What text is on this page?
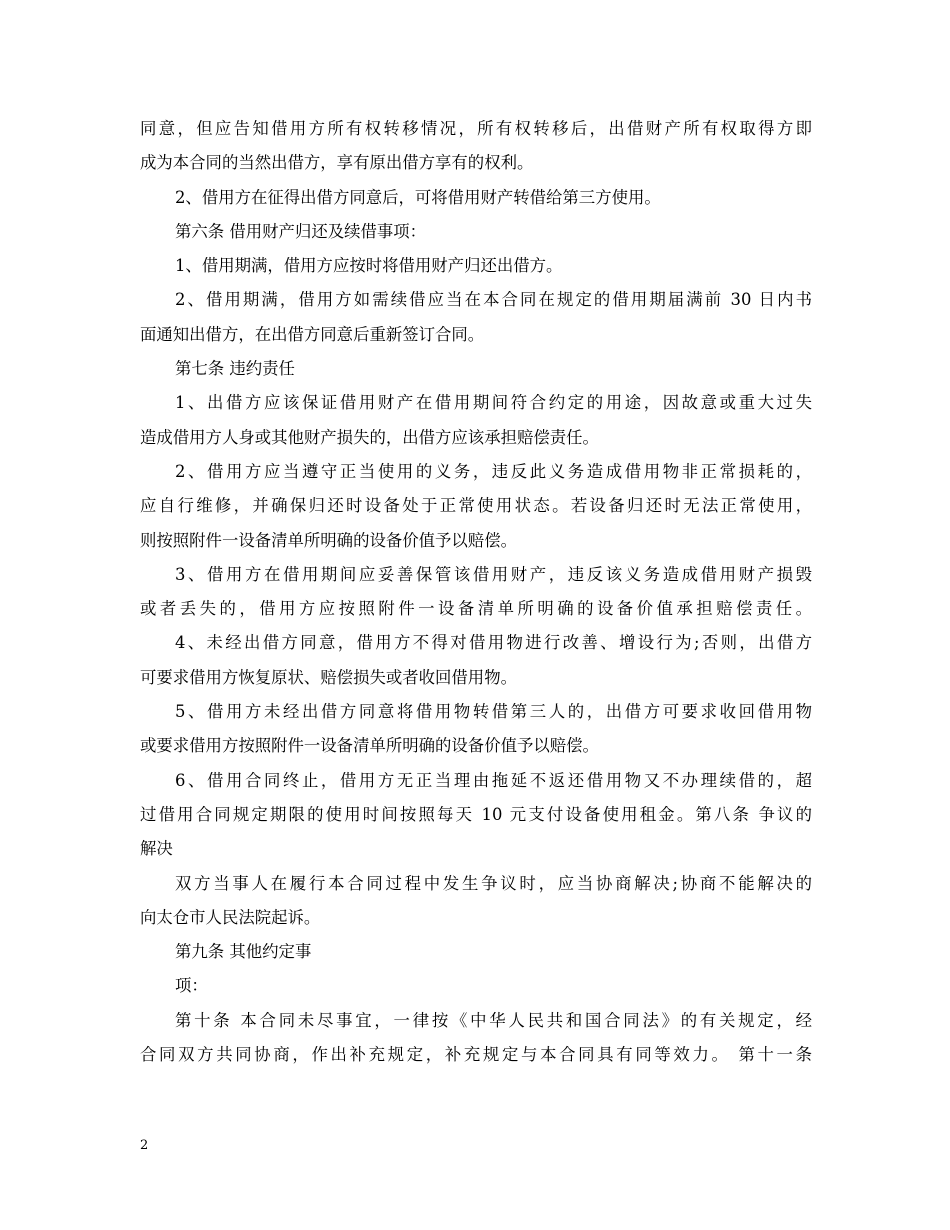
同意，但应告知借用方所有权转移情况，所有权转移后，出借财产所有权取得方即
成为本合同的当然出借方，享有原出借方享有的权利。
2、借用方在征得出借方同意后，可将借用财产转借给第三方使用。
第六条 借用财产归还及续借事项：
1、借用期满，借用方应按时将借用财产归还出借方。
2、借用期满，借用方如需续借应当在本合同在规定的借用期届满前 30 日内书
面通知出借方，在出借方同意后重新签订合同。
第七条 违约责任
1、出借方应该保证借用财产在借用期间符合约定的用途，因故意或重大过失
造成借用方人身或其他财产损失的，出借方应该承担赔偿责任。
2、借用方应当遵守正当使用的义务，违反此义务造成借用物非正常损耗的，
应自行维修，并确保归还时设备处于正常使用状态。若设备归还时无法正常使用，
则按照附件一设备清单所明确的设备价值予以赔偿。
3、借用方在借用期间应妥善保管该借用财产，违反该义务造成借用财产损毁
或者丢失的，借用方应按照附件一设备清单所明确的设备价值承担赔偿责任。
4、未经出借方同意，借用方不得对借用物进行改善、增设行为;否则，出借方
可要求借用方恢复原状、赔偿损失或者收回借用物。
5、借用方未经出借方同意将借用物转借第三人的，出借方可要求收回借用物
或要求借用方按照附件一设备清单所明确的设备价值予以赔偿。
6、借用合同终止，借用方无正当理由拖延不返还借用物又不办理续借的，超
过借用合同规定期限的使用时间按照每天 10 元支付设备使用租金。第八条 争议的
解决
双方当事人在履行本合同过程中发生争议时，应当协商解决;协商不能解决的
向太仓市人民法院起诉。
第九条 其他约定事
项：
第十条 本合同未尽事宜，一律按《中华人民共和国合同法》的有关规定，经
合同双方共同协商，作出补充规定，补充规定与本合同具有同等效力。 第十一条
2
